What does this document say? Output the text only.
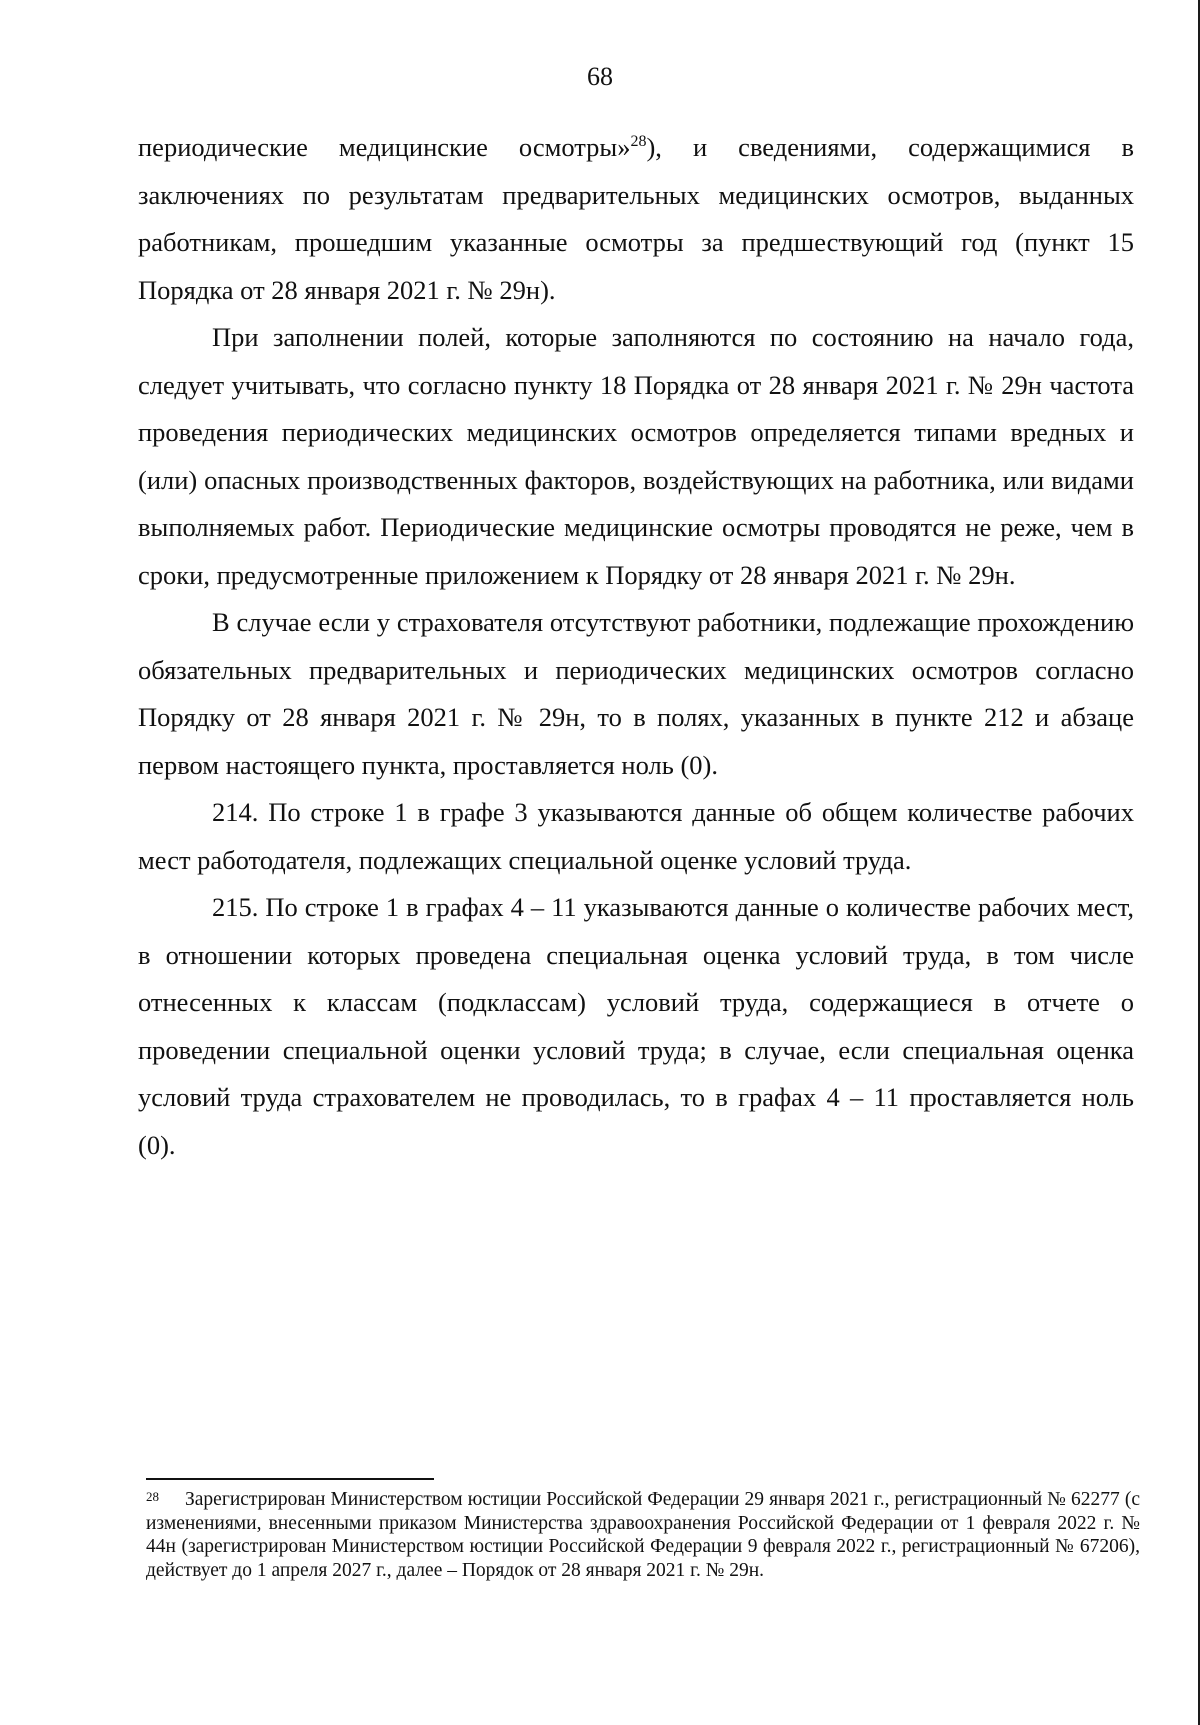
68

периодические медицинские осмотры»$^{28}$), и сведениями, содержащимися в заключениях по результатам предварительных медицинских осмотров, выданных работникам, прошедшим указанные осмотры за предшествующий год (пункт 15 Порядка от 28 января 2021 г. № 29н).

При заполнении полей, которые заполняются по состоянию на начало года, следует учитывать, что согласно пункту 18 Порядка от 28 января 2021 г. № 29н частота проведения периодических медицинских осмотров определяется типами вредных и (или) опасных производственных факторов, воздействующих на работника, или видами выполняемых работ. Периодические медицинские осмотры проводятся не реже, чем в сроки, предусмотренные приложением к Порядку от 28 января 2021 г. № 29н.

В случае если у страхователя отсутствуют работники, подлежащие прохождению обязательных предварительных и периодических медицинских осмотров согласно Порядку от 28 января 2021 г. № 29н, то в полях, указанных в пункте 212 и абзаце первом настоящего пункта, проставляется ноль (0).

214. По строке 1 в графе 3 указываются данные об общем количестве рабочих мест работодателя, подлежащих специальной оценке условий труда.

215. По строке 1 в графах 4 – 11 указываются данные о количестве рабочих мест, в отношении которых проведена специальная оценка условий труда, в том числе отнесенных к классам (подклассам) условий труда, содержащиеся в отчете о проведении специальной оценки условий труда; в случае, если специальная оценка условий труда страхователем не проводилась, то в графах 4 – 11 проставляется ноль (0).

28 Зарегистрирован Министерством юстиции Российской Федерации 29 января 2021 г., регистрационный № 62277 (с изменениями, внесенными приказом Министерства здравоохранения Российской Федерации от 1 февраля 2022 г. № 44н (зарегистрирован Министерством юстиции Российской Федерации 9 февраля 2022 г., регистрационный № 67206), действует до 1 апреля 2027 г., далее – Порядок от 28 января 2021 г. № 29н.
